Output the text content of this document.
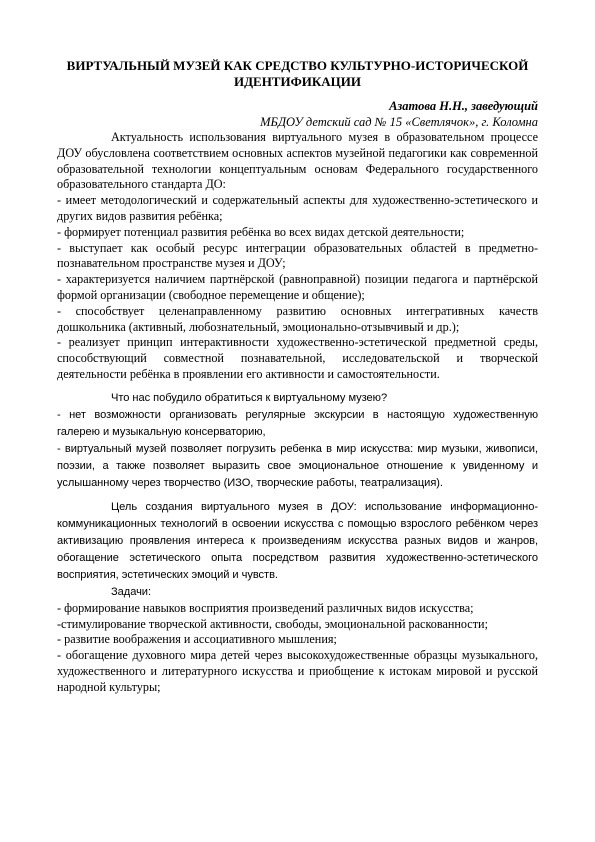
ВИРТУАЛЬНЫЙ МУЗЕЙ КАК СРЕДСТВО КУЛЬТУРНО-ИСТОРИЧЕСКОЙ ИДЕНТИФИКАЦИИ

Азатова Н.Н., заведующий

МБДОУ детский сад № 15 «Светлячок», г. Коломна

Актуальность использования виртуального музея в образовательном процессе ДОУ обусловлена соответствием основных аспектов музейной педагогики как современной образовательной технологии концептуальным основам Федерального государственного образовательного стандарта ДО:

- имеет методологический и содержательный аспекты для художественно-эстетического и других видов развития ребёнка;

- формирует потенциал развития ребёнка во всех видах детской деятельности;

- выступает как особый ресурс интеграции образовательных областей в предметно-познавательном пространстве музея и ДОУ;

- характеризуется наличием партнёрской (равноправной) позиции педагога и партнёрской формой организации (свободное перемещение и общение);

- способствует целенаправленному развитию основных интегративных качеств дошкольника (активный, любознательный, эмоционально-отзывчивый и др.);

- реализует принцип интерактивности художественно-эстетической предметной среды, способствующий совместной познавательной, исследовательской и творческой деятельности ребёнка в проявлении его активности и самостоятельности.

Что нас побудило обратиться к виртуальному музею?

- нет возможности организовать регулярные экскурсии в настоящую художественную галерею и музыкальную консерваторию,

- виртуальный музей позволяет погрузить ребенка в мир искусства: мир музыки, живописи, поэзии, а также позволяет выразить свое эмоциональное отношение к увиденному и услышанному через творчество (ИЗО, творческие работы, театрализация).

Цель создания виртуального музея в ДОУ: использование информационно-коммуникационных технологий в освоении искусства с помощью взрослого ребёнком через активизацию проявления интереса к произведениям искусства разных видов и жанров, обогащение эстетического опыта посредством развития художественно-эстетического восприятия, эстетических эмоций и чувств.

Задачи:

- формирование навыков восприятия произведений различных видов искусства;

-стимулирование творческой активности, свободы, эмоциональной раскованности;

- развитие воображения и ассоциативного мышления;

- обогащение духовного мира детей через высокохудожественные образцы музыкального, художественного и литературного искусства и приобщение к истокам мировой и русской народной культуры;
